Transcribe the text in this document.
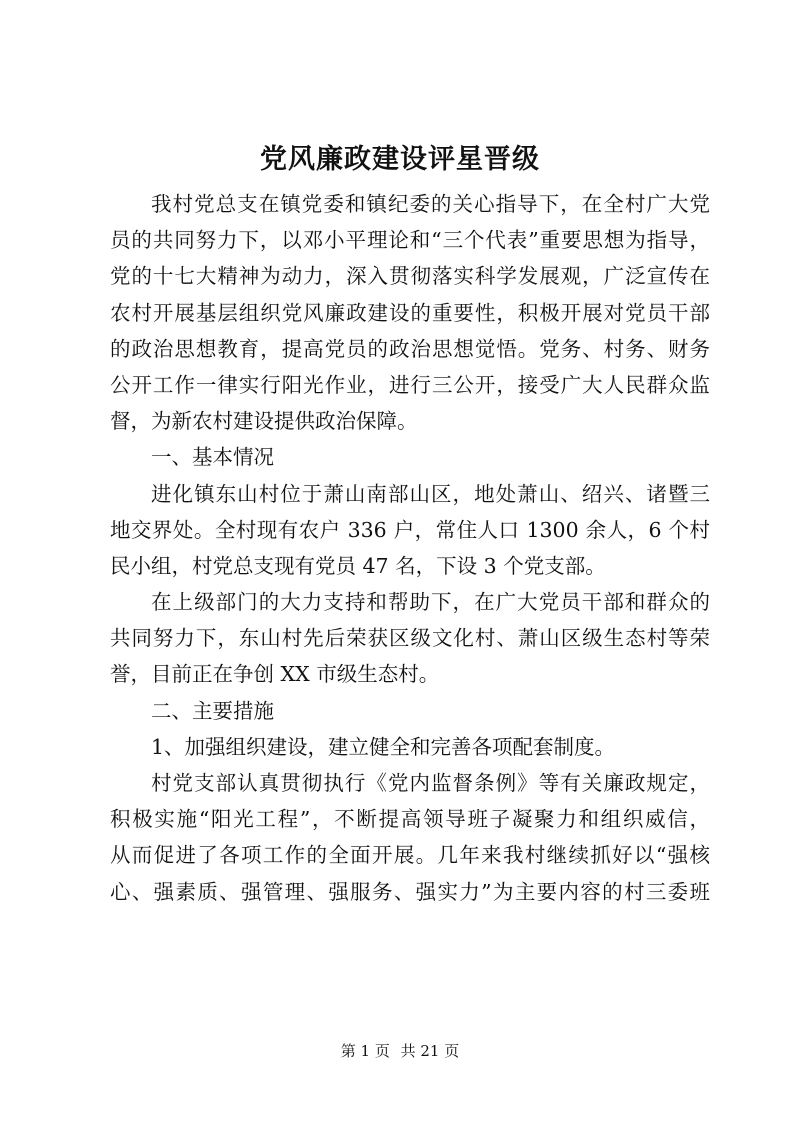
党风廉政建设评星晋级
我村党总支在镇党委和镇纪委的关心指导下，在全村广大党
员的共同努力下，以邓小平理论和“三个代表”重要思想为指导，
党的十七大精神为动力，深入贯彻落实科学发展观，广泛宣传在
农村开展基层组织党风廉政建设的重要性，积极开展对党员干部
的政治思想教育，提高党员的政治思想觉悟。党务、村务、财务
公开工作一律实行阳光作业，进行三公开，接受广大人民群众监
督，为新农村建设提供政治保障。
一、基本情况
进化镇东山村位于萧山南部山区，地处萧山、绍兴、诸暨三
地交界处。全村现有农户 336 户，常住人口 1300 余人，6 个村
民小组，村党总支现有党员 47 名，下设 3 个党支部。
在上级部门的大力支持和帮助下，在广大党员干部和群众的
共同努力下，东山村先后荣获区级文化村、萧山区级生态村等荣
誉，目前正在争创 XX 市级生态村。
二、主要措施
1、加强组织建设，建立健全和完善各项配套制度。
村党支部认真贯彻执行《党内监督条例》等有关廉政规定，
积极实施“阳光工程”，不断提高领导班子凝聚力和组织威信，
从而促进了各项工作的全面开展。几年来我村继续抓好以“强核
心、强素质、强管理、强服务、强实力”为主要内容的村三委班
第 1 页 共 21 页
